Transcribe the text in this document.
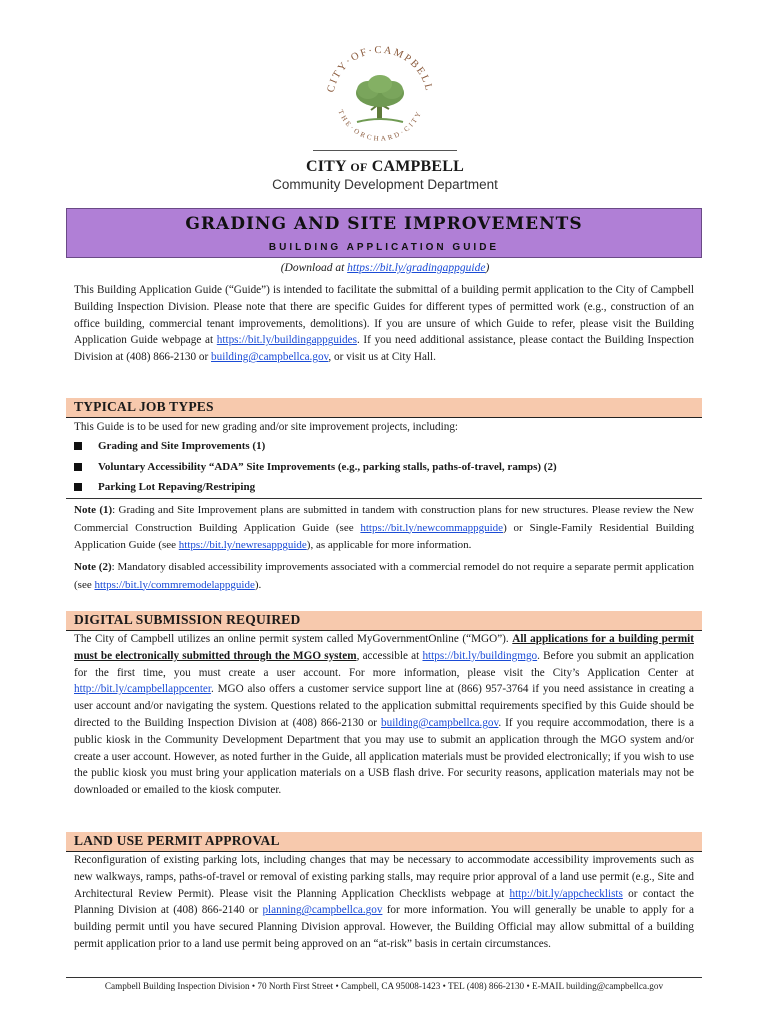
CITY·OF·CAMPBELL
THE·ORCHARD·CITY
CITY OF CAMPBELL
Community Development Department
GRADING AND SITE IMPROVEMENTS
BUILDING APPLICATION GUIDE
(Download at https://bit.ly/gradingappguide)

This Building Application Guide (“Guide”) is intended to facilitate the submittal of a building permit application to the City of Campbell Building Inspection Division. Please note that there are specific Guides for different types of permitted work (e.g., construction of an office building, commercial tenant improvements, demolitions). If you are unsure of which Guide to refer, please visit the Building Application Guide webpage at https://bit.ly/buildingappguides. If you need additional assistance, please contact the Building Inspection Division at (408) 866-2130 or building@campbellca.gov, or visit us at City Hall.

TYPICAL JOB TYPES

This Guide is to be used for new grading and/or site improvement projects, including:

Grading and Site Improvements (1)
Voluntary Accessibility “ADA” Site Improvements (e.g., parking stalls, paths-of-travel, ramps) (2)
Parking Lot Repaving/Restriping

Note (1): Grading and Site Improvement plans are submitted in tandem with construction plans for new structures. Please review the New Commercial Construction Building Application Guide (see https://bit.ly/newcommappguide) or Single-Family Residential Building Application Guide (see https://bit.ly/newresappguide), as applicable for more information.

Note (2): Mandatory disabled accessibility improvements associated with a commercial remodel do not require a separate permit application (see https://bit.ly/commremodelappguide).

DIGITAL SUBMISSION REQUIRED

The City of Campbell utilizes an online permit system called MyGovernmentOnline (“MGO”). All applications for a building permit must be electronically submitted through the MGO system, accessible at https://bit.ly/buildingmgo. Before you submit an application for the first time, you must create a user account. For more information, please visit the City’s Application Center at http://bit.ly/campbellappcenter. MGO also offers a customer service support line at (866) 957-3764 if you need assistance in creating a user account and/or navigating the system. Questions related to the application submittal requirements specified by this Guide should be directed to the Building Inspection Division at (408) 866-2130 or building@campbellca.gov. If you require accommodation, there is a public kiosk in the Community Development Department that you may use to submit an application through the MGO system and/or create a user account. However, as noted further in the Guide, all application materials must be provided electronically; if you wish to use the public kiosk you must bring your application materials on a USB flash drive. For security reasons, application materials may not be downloaded or emailed to the kiosk computer.

LAND USE PERMIT APPROVAL

Reconfiguration of existing parking lots, including changes that may be necessary to accommodate accessibility improvements such as new walkways, ramps, paths-of-travel or removal of existing parking stalls, may require prior approval of a land use permit (e.g., Site and Architectural Review Permit). Please visit the Planning Application Checklists webpage at http://bit.ly/appchecklists or contact the Planning Division at (408) 866-2140 or planning@campbellca.gov for more information. You will generally be unable to apply for a building permit until you have secured Planning Division approval. However, the Building Official may allow submittal of a building permit application prior to a land use permit being approved on an “at-risk” basis in certain circumstances.

Campbell Building Inspection Division • 70 North First Street • Campbell, CA 95008-1423 • TEL (408) 866-2130 • E-MAIL building@campbellca.gov
